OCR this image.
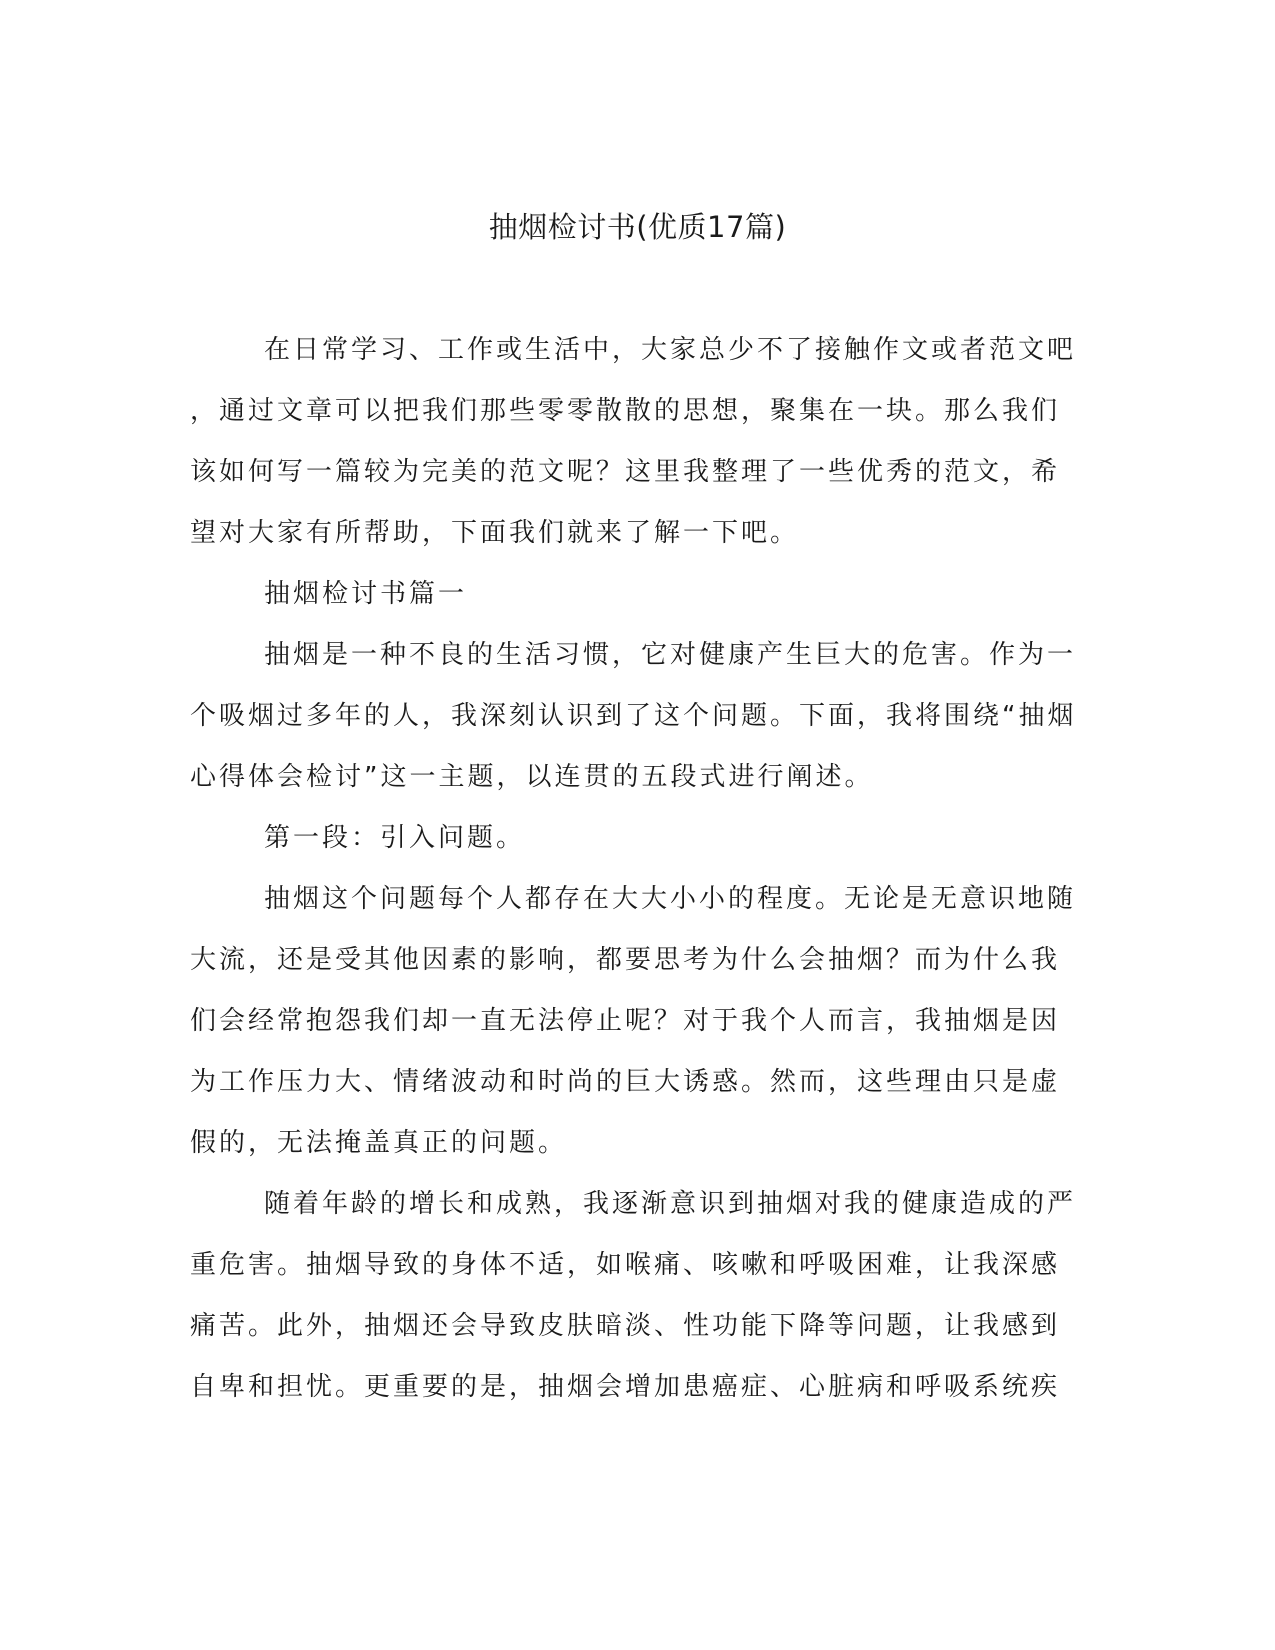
抽烟检讨书(优质17篇)
在日常学习、工作或生活中，大家总少不了接触作文或者范文吧
，通过文章可以把我们那些零零散散的思想，聚集在一块。那么我们
该如何写一篇较为完美的范文呢？这里我整理了一些优秀的范文，希
望对大家有所帮助，下面我们就来了解一下吧。
抽烟检讨书篇一
抽烟是一种不良的生活习惯，它对健康产生巨大的危害。作为一
个吸烟过多年的人，我深刻认识到了这个问题。下面，我将围绕“抽烟
心得体会检讨”这一主题，以连贯的五段式进行阐述。
第一段：引入问题。
抽烟这个问题每个人都存在大大小小的程度。无论是无意识地随
大流，还是受其他因素的影响，都要思考为什么会抽烟？而为什么我
们会经常抱怨我们却一直无法停止呢？对于我个人而言，我抽烟是因
为工作压力大、情绪波动和时尚的巨大诱惑。然而，这些理由只是虚
假的，无法掩盖真正的问题。
随着年龄的增长和成熟，我逐渐意识到抽烟对我的健康造成的严
重危害。抽烟导致的身体不适，如喉痛、咳嗽和呼吸困难，让我深感
痛苦。此外，抽烟还会导致皮肤暗淡、性功能下降等问题，让我感到
自卑和担忧。更重要的是，抽烟会增加患癌症、心脏病和呼吸系统疾
